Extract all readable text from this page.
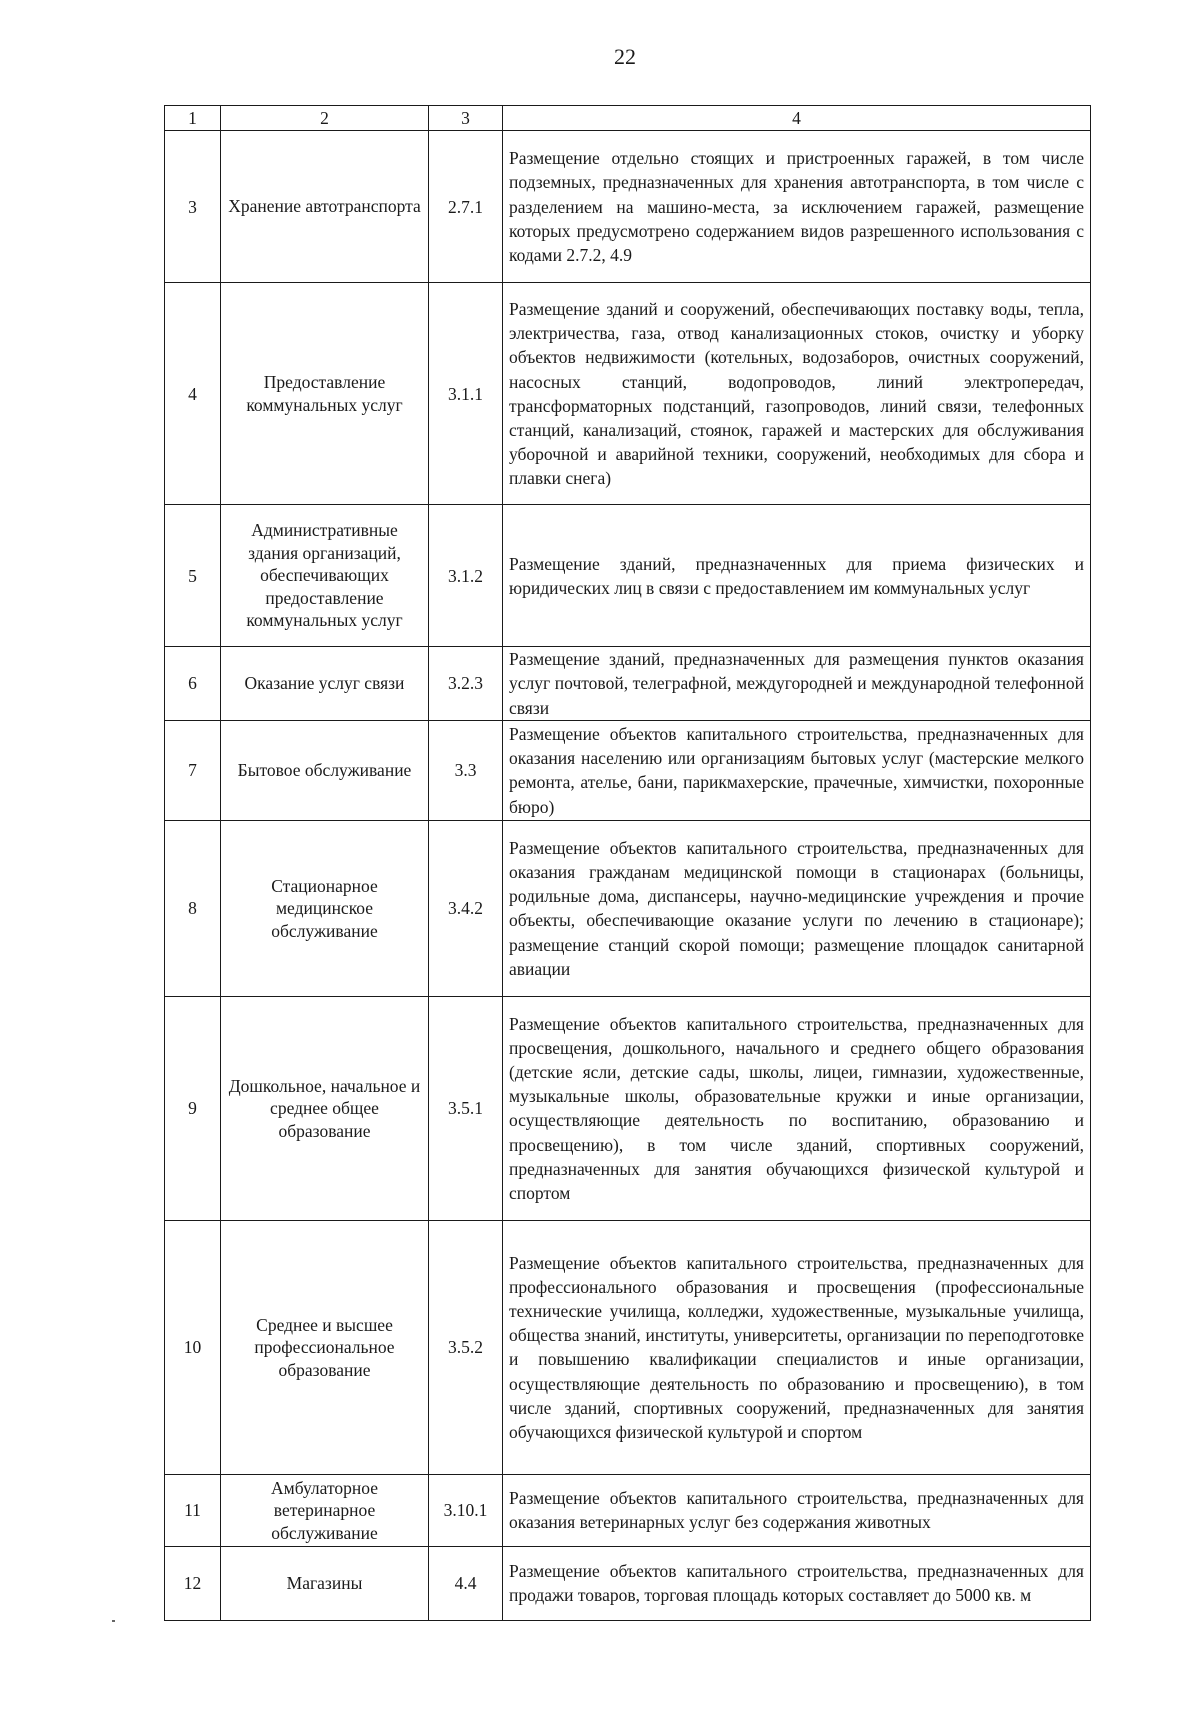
22
1	2	3	4
3	Хранение автотранспорта	2.7.1	Размещение отдельно стоящих и пристроенных гаражей, в том числе подземных, предназначенных для хранения автотранспорта, в том числе с разделением на машино-места, за исключением гаражей, размещение которых предусмотрено содержанием видов разрешенного использования с кодами 2.7.2, 4.9
4	Предоставление коммунальных услуг	3.1.1	Размещение зданий и сооружений, обеспечивающих поставку воды, тепла, электричества, газа, отвод канализационных стоков, очистку и уборку объектов недвижимости (котельных, водозаборов, очистных сооружений, насосных станций, водопроводов, линий электропередач, трансформаторных подстанций, газопроводов, линий связи, телефонных станций, канализаций, стоянок, гаражей и мастерских для обслуживания уборочной и аварийной техники, сооружений, необходимых для сбора и плавки снега)
5	Административные здания организаций, обеспечивающих предоставление коммунальных услуг	3.1.2	Размещение зданий, предназначенных для приема физических и юридических лиц в связи с предоставлением им коммунальных услуг
6	Оказание услуг связи	3.2.3	Размещение зданий, предназначенных для размещения пунктов оказания услуг почтовой, телеграфной, междугородней и международной телефонной связи
7	Бытовое обслуживание	3.3	Размещение объектов капитального строительства, предназначенных для оказания населению или организациям бытовых услуг (мастерские мелкого ремонта, ателье, бани, парикмахерские, прачечные, химчистки, похоронные бюро)
8	Стационарное медицинское обслуживание	3.4.2	Размещение объектов капитального строительства, предназначенных для оказания гражданам медицинской помощи в стационарах (больницы, родильные дома, диспансеры, научно-медицинские учреждения и прочие объекты, обеспечивающие оказание услуги по лечению в стационаре); размещение станций скорой помощи; размещение площадок санитарной авиации
9	Дошкольное, начальное и среднее общее образование	3.5.1	Размещение объектов капитального строительства, предназначенных для просвещения, дошкольного, начального и среднего общего образования (детские ясли, детские сады, школы, лицеи, гимназии, художественные, музыкальные школы, образовательные кружки и иные организации, осуществляющие деятельность по воспитанию, образованию и просвещению), в том числе зданий, спортивных сооружений, предназначенных для занятия обучающихся физической культурой и спортом
10	Среднее и высшее профессиональное образование	3.5.2	Размещение объектов капитального строительства, предназначенных для профессионального образования и просвещения (профессиональные технические училища, колледжи, художественные, музыкальные училища, общества знаний, институты, университеты, организации по переподготовке и повышению квалификации специалистов и иные организации, осуществляющие деятельность по образованию и просвещению), в том числе зданий, спортивных сооружений, предназначенных для занятия обучающихся физической культурой и спортом
11	Амбулаторное ветеринарное обслуживание	3.10.1	Размещение объектов капитального строительства, предназначенных для оказания ветеринарных услуг без содержания животных
12	Магазины	4.4	Размещение объектов капитального строительства, предназначенных для продажи товаров, торговая площадь которых составляет до 5000 кв. м
